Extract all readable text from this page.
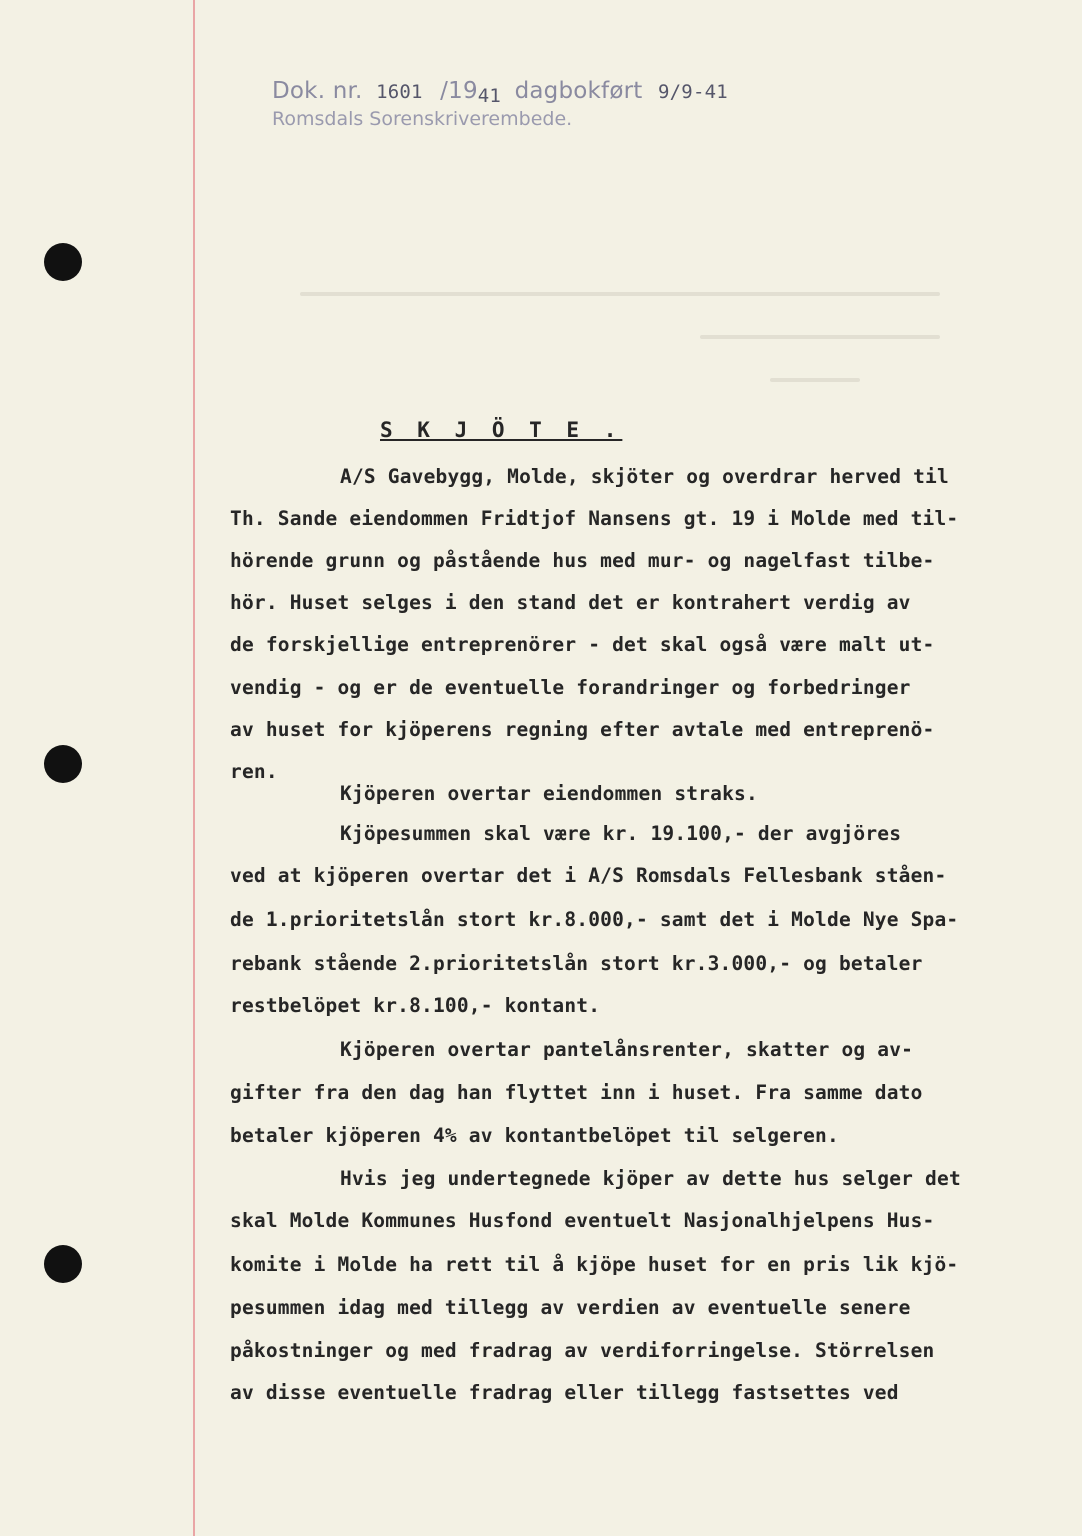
Dok. nr. 1601 /1941 dagbokført 9/9-41
Romsdals Sorenskriverembede.
S K J Ö T E .
A/S Gavebygg, Molde, skjöter og overdrar herved til
Th. Sande eiendommen Fridtjof Nansens gt. 19 i Molde med til-
hörende grunn og påstående hus med mur- og nagelfast tilbe-
hör. Huset selges i den stand det er kontrahert verdig av
de forskjellige entreprenörer - det skal også være malt ut-
vendig - og er de eventuelle forandringer og forbedringer
av huset for kjöperens regning efter avtale med entreprenö-
ren.
Kjöperen overtar eiendommen straks.
Kjöpesummen skal være kr. 19.100,- der avgjöres
ved at kjöperen overtar det i A/S Romsdals Fellesbank ståen-
de 1.prioritetslån stort kr.8.000,- samt det i Molde Nye Spa-
rebank stående 2.prioritetslån stort kr.3.000,- og betaler
restbelöpet kr.8.100,- kontant.
Kjöperen overtar pantelånsrenter, skatter og av-
gifter fra den dag han flyttet inn i huset. Fra samme dato
betaler kjöperen 4% av kontantbelöpet til selgeren.
Hvis jeg undertegnede kjöper av dette hus selger det
skal Molde Kommunes Husfond eventuelt Nasjonalhjelpens Hus-
komite i Molde ha rett til å kjöpe huset for en pris lik kjö-
pesummen idag med tillegg av verdien av eventuelle senere
påkostninger og med fradrag av verdiforringelse. Störrelsen
av disse eventuelle fradrag eller tillegg fastsettes ved
